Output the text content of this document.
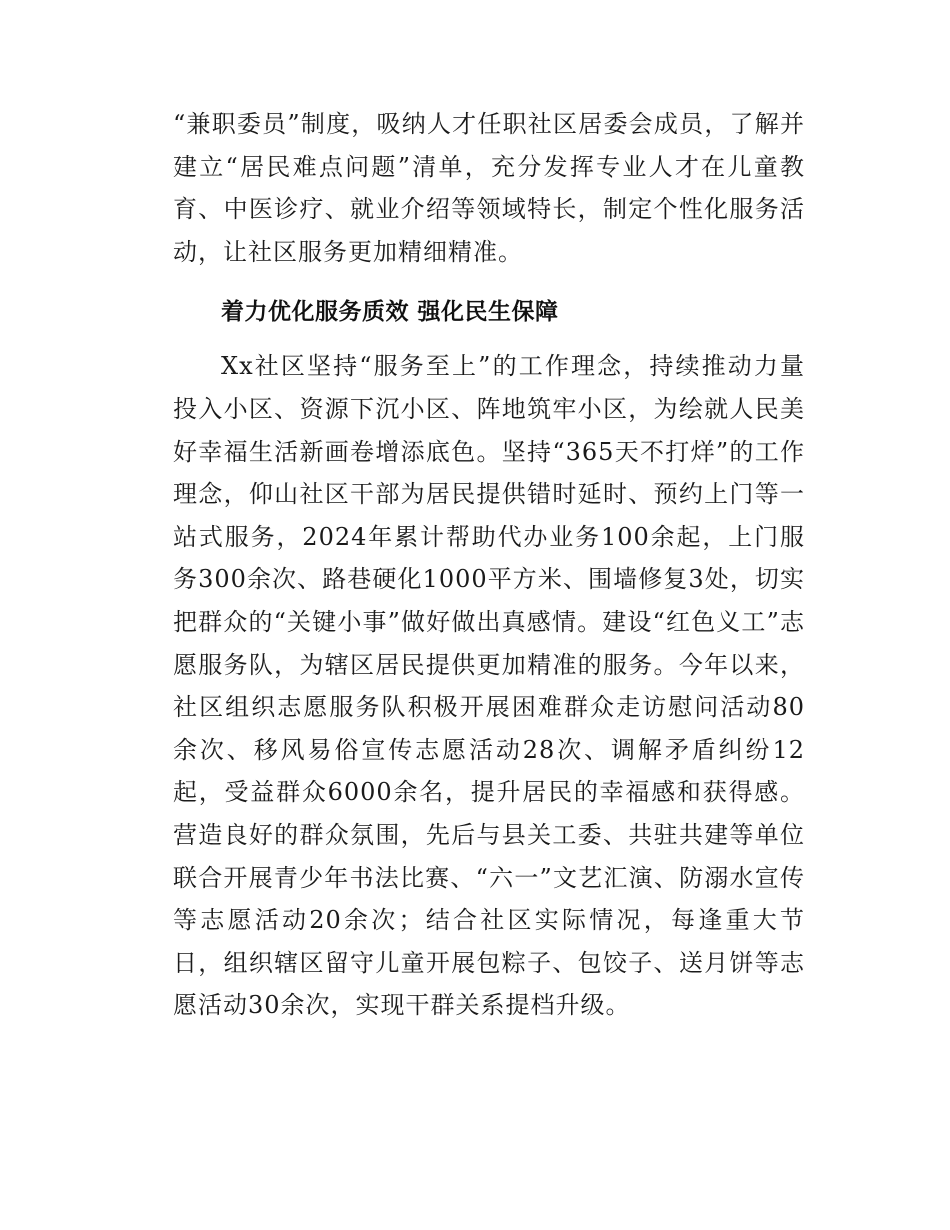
“兼职委员”制度，吸纳人才任职社区居委会成员，了解并建立“居民难点问题”清单，充分发挥专业人才在儿童教育、中医诊疗、就业介绍等领域特长，制定个性化服务活动，让社区服务更加精细精准。

着力优化服务质效 强化民生保障

Xx社区坚持“服务至上”的工作理念，持续推动力量投入小区、资源下沉小区、阵地筑牢小区，为绘就人民美好幸福生活新画卷增添底色。坚持“365天不打烊”的工作理念，仰山社区干部为居民提供错时延时、预约上门等一站式服务，2024年累计帮助代办业务100余起，上门服务300余次、路巷硬化1000平方米、围墙修复3处，切实把群众的“关键小事”做好做出真感情。建设“红色义工”志愿服务队，为辖区居民提供更加精准的服务。今年以来，社区组织志愿服务队积极开展困难群众走访慰问活动80余次、移风易俗宣传志愿活动28次、调解矛盾纠纷12起，受益群众6000余名，提升居民的幸福感和获得感。营造良好的群众氛围，先后与县关工委、共驻共建等单位联合开展青少年书法比赛、“六一”文艺汇演、防溺水宣传等志愿活动20余次；结合社区实际情况，每逢重大节日，组织辖区留守儿童开展包粽子、包饺子、送月饼等志愿活动30余次，实现干群关系提档升级。
